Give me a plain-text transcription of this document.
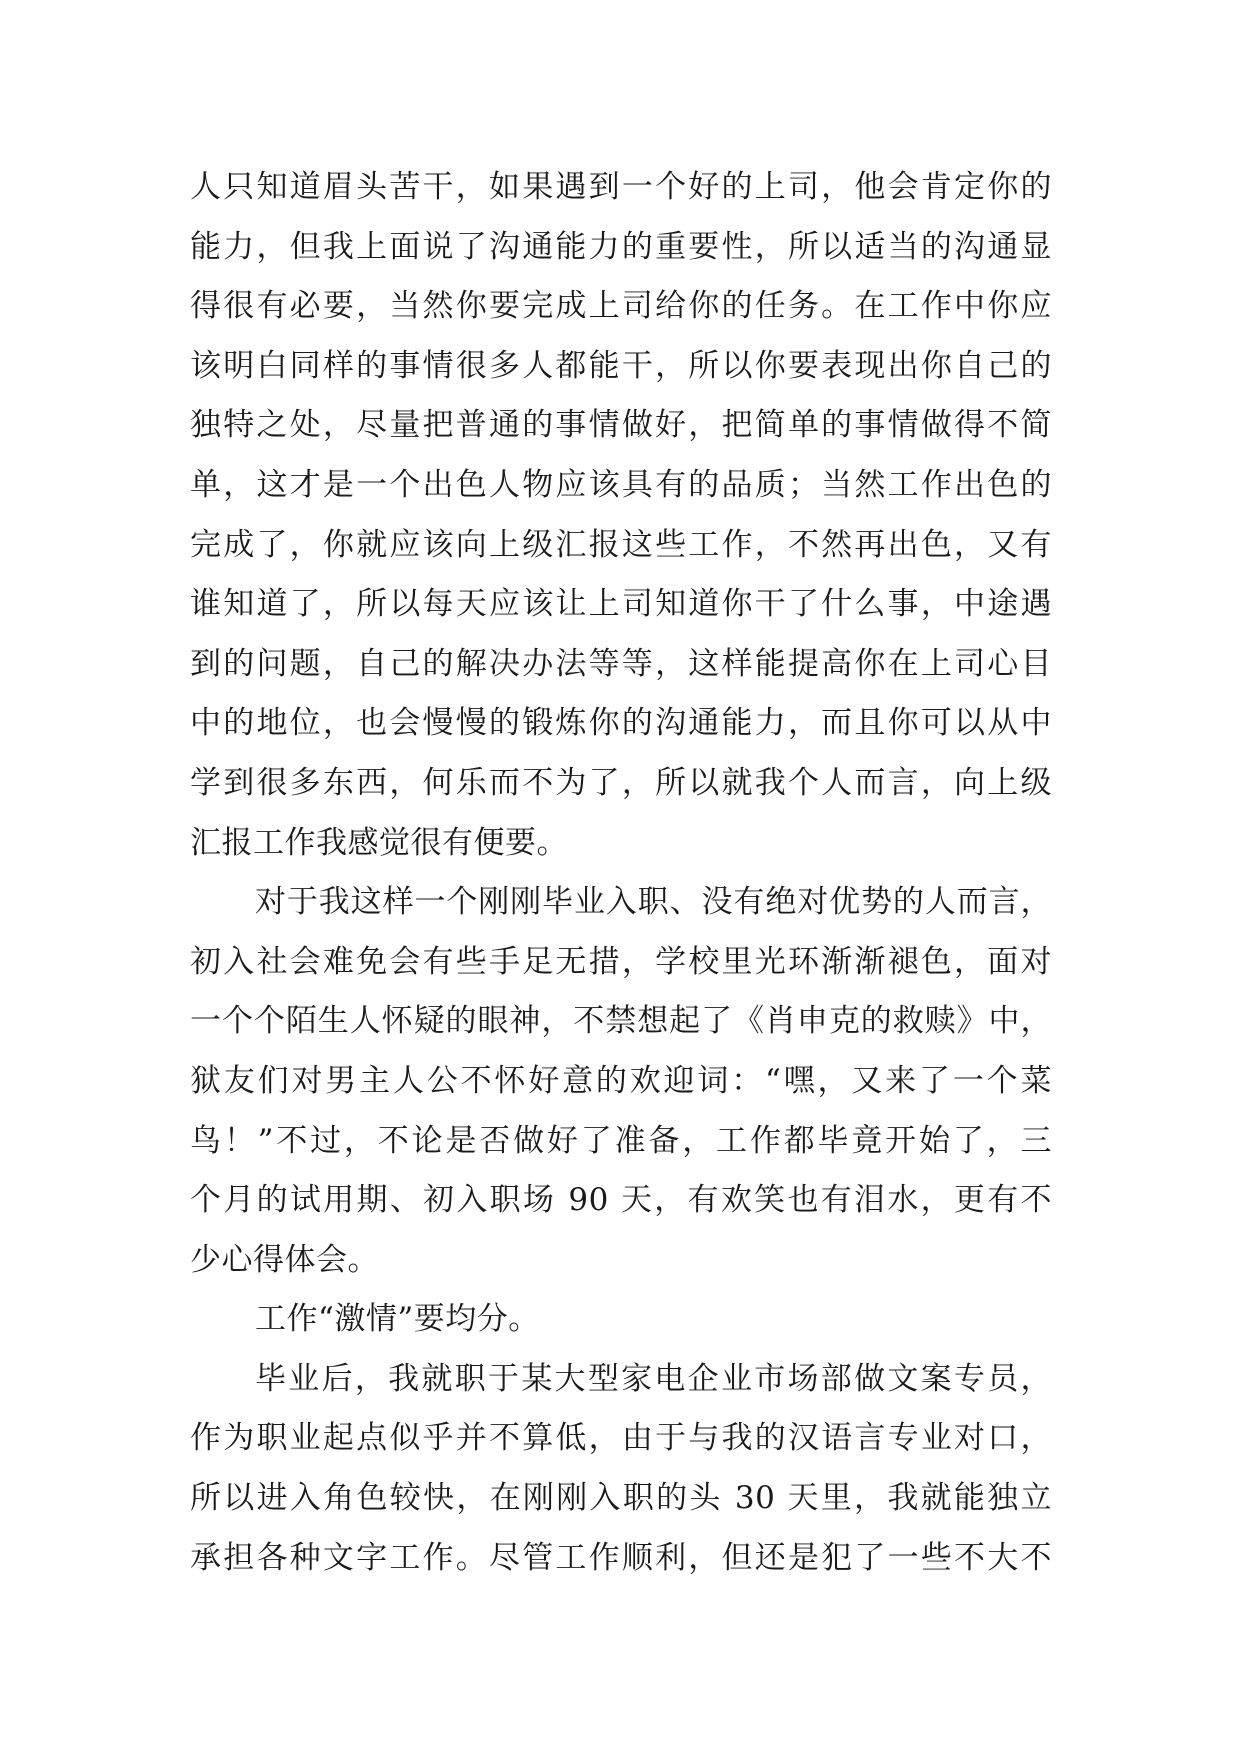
人只知道眉头苦干，如果遇到一个好的上司，他会肯定你的
能力，但我上面说了沟通能力的重要性，所以适当的沟通显
得很有必要，当然你要完成上司给你的任务。在工作中你应
该明白同样的事情很多人都能干，所以你要表现出你自己的
独特之处，尽量把普通的事情做好，把简单的事情做得不简
单，这才是一个出色人物应该具有的品质；当然工作出色的
完成了，你就应该向上级汇报这些工作，不然再出色，又有
谁知道了，所以每天应该让上司知道你干了什么事，中途遇
到的问题，自己的解决办法等等，这样能提高你在上司心目
中的地位，也会慢慢的锻炼你的沟通能力，而且你可以从中
学到很多东西，何乐而不为了，所以就我个人而言，向上级
汇报工作我感觉很有便要。
对于我这样一个刚刚毕业入职、没有绝对优势的人而言，
初入社会难免会有些手足无措，学校里光环渐渐褪色，面对
一个个陌生人怀疑的眼神，不禁想起了《肖申克的救赎》中，
狱友们对男主人公不怀好意的欢迎词：“嘿，又来了一个菜
鸟！”不过，不论是否做好了准备，工作都毕竟开始了，三
个月的试用期、初入职场 90 天，有欢笑也有泪水，更有不
少心得体会。
工作“激情”要均分。
毕业后，我就职于某大型家电企业市场部做文案专员，
作为职业起点似乎并不算低，由于与我的汉语言专业对口，
所以进入角色较快，在刚刚入职的头 30 天里，我就能独立
承担各种文字工作。尽管工作顺利，但还是犯了一些不大不
